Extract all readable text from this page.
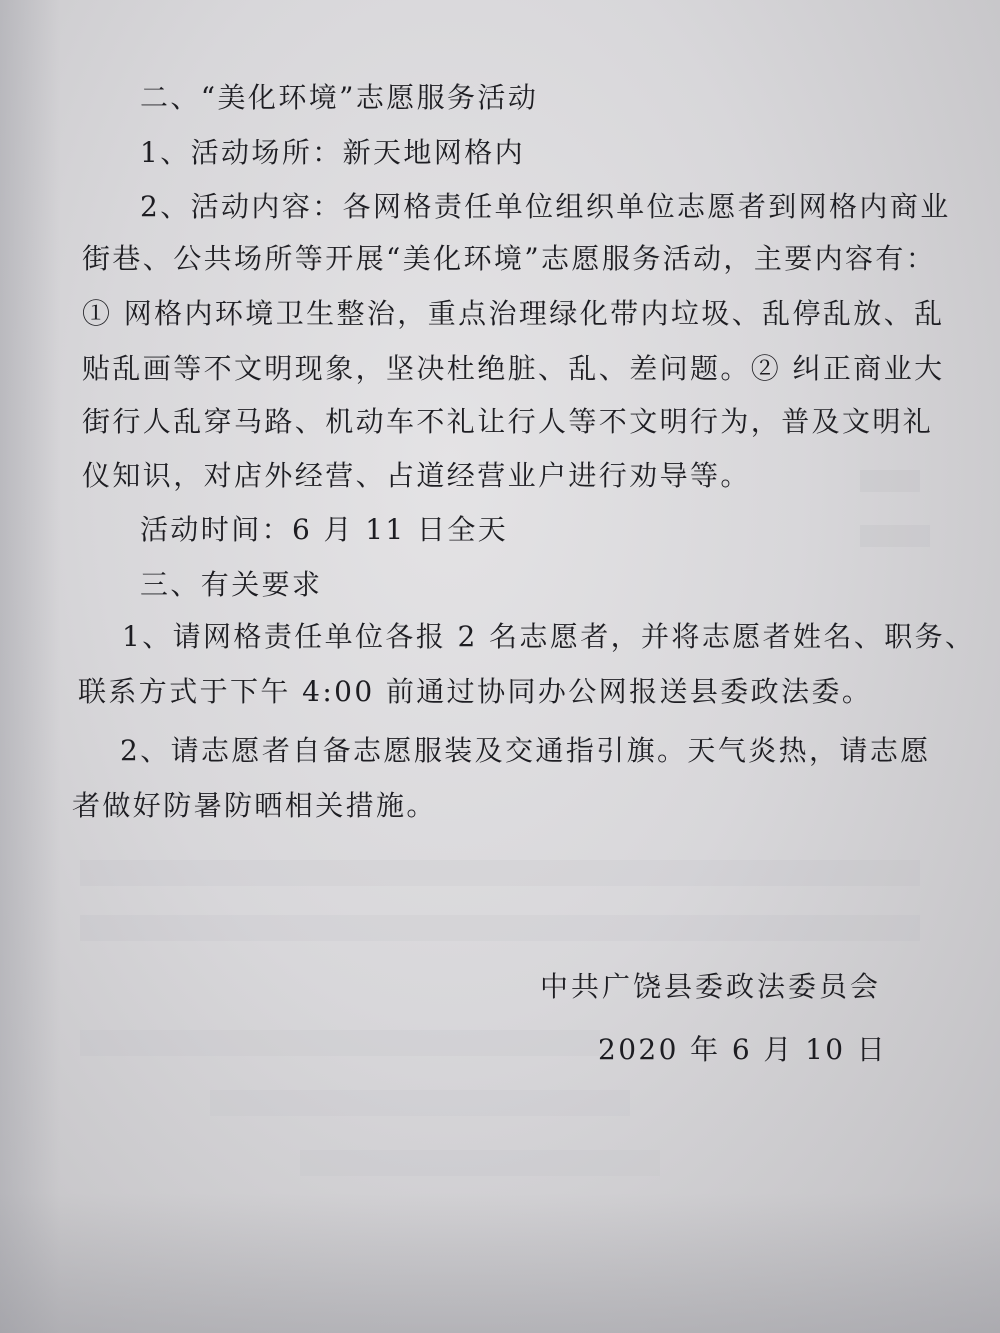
二、“美化环境”志愿服务活动
1、活动场所：新天地网格内
2、活动内容：各网格责任单位组织单位志愿者到网格内商业
街巷、公共场所等开展“美化环境”志愿服务活动，主要内容有：
① 网格内环境卫生整治，重点治理绿化带内垃圾、乱停乱放、乱
贴乱画等不文明现象，坚决杜绝脏、乱、差问题。② 纠正商业大
街行人乱穿马路、机动车不礼让行人等不文明行为，普及文明礼
仪知识，对店外经营、占道经营业户进行劝导等。
活动时间：6 月 11 日全天
三、有关要求
1、请网格责任单位各报 2 名志愿者，并将志愿者姓名、职务、
联系方式于下午 4:00 前通过协同办公网报送县委政法委。
2、请志愿者自备志愿服装及交通指引旗。天气炎热，请志愿
者做好防暑防晒相关措施。
中共广饶县委政法委员会
2020 年 6 月 10 日
